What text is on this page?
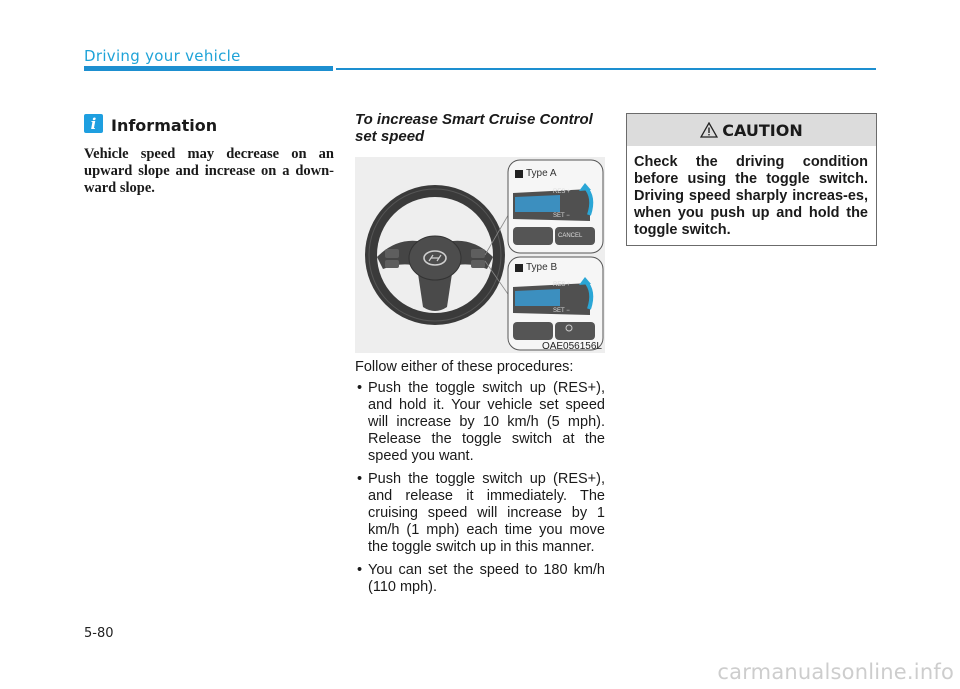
Driving your vehicle
i Information

Vehicle speed may decrease on an upward slope and increase on a down-ward slope.

To increase Smart Cruise Control set speed
RES +
SET −
CANCEL
RES +
SET −
Type A
Type B
OAE056156L
Follow either of these procedures:
• Push the toggle switch up (RES+), and hold it. Your vehicle set speed will increase by 10 km/h (5 mph). Release the toggle switch at the speed you want.
• Push the toggle switch up (RES+), and release it immediately. The cruising speed will increase by 1 km/h (1 mph) each time you move the toggle switch up in this manner.
• You can set the speed to 180 km/h (110 mph).
CAUTION

Check the driving condition before using the toggle switch. Driving speed sharply increas-es, when you push up and hold the toggle switch.

5-80
carmanualsonline.info
